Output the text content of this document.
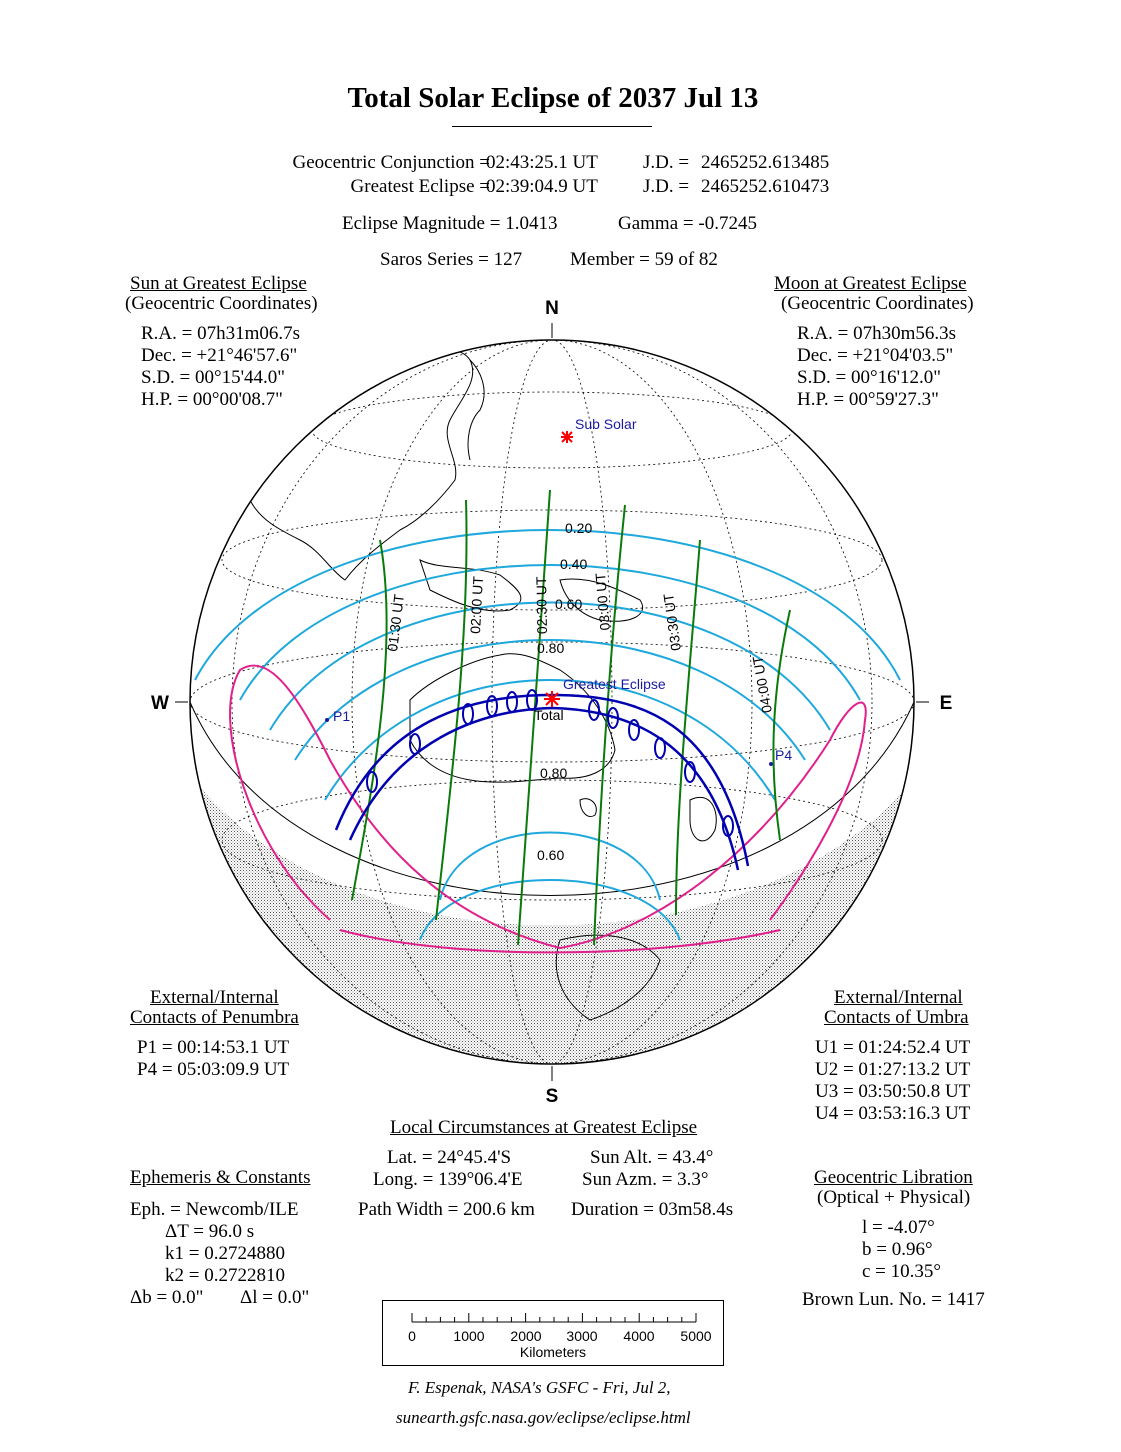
Total Solar Eclipse of 2037 Jul 13
Geocentric Conjunction =
02:43:25.1 UT J.D. = 2465252.613485
Greatest Eclipse =
02:39:04.9 UT J.D. = 2465252.610473
Eclipse Magnitude = 1.0413	Gamma = -0.7245
Saros Series = 127	Member = 59 of 82
Sun at Greatest Eclipse
(Geocentric Coordinates)
R.A. = 07h31m06.7s
Dec. = +21°46'57.6"
S.D. = 00°15'44.0"
H.P. = 00°00'08.7"
Moon at Greatest Eclipse
(Geocentric Coordinates)
R.A. = 07h30m56.3s
Dec. = +21°04'03.5"
S.D. = 00°16'12.0"
H.P. = 00°59'27.3"
N
S
W	E
Sub Solar
Greatest Eclipse
Total
P1
P4
0.20
0.40
0.60
0.80
0.80
0.60
01:30 UT	02:00 UT	02:30 UT	03:00 UT	03:30 UT
04:00 UT
External/Internal
Contacts of Penumbra
P1 = 00:14:53.1 UT
P4 = 05:03:09.9 UT
External/Internal
Contacts of Umbra
U1 = 01:24:52.4 UT
U2 = 01:27:13.2 UT
U3 = 03:50:50.8 UT
U4 = 03:53:16.3 UT
Local Circumstances at Greatest Eclipse
Lat. = 24°45.4'S
Long. = 139°06.4'E
Sun Alt. = 43.4°
Sun Azm. = 3.3°
Path Width = 200.6 km Duration = 03m58.4s
Ephemeris & Constants
Eph. = Newcomb/ILE
ΔT = 96.0 s
k1 = 0.2724880
k2 = 0.2722810
Δb = 0.0" Δl = 0.0"
Geocentric Libration
(Optical + Physical)
l = -4.07°
b = 0.96°
c = 10.35°
Brown Lun. No. = 1417
0	1000 2000 3000 4000 5000
Kilometers
F. Espenak, NASA's GSFC - Fri, Jul 2,
sunearth.gsfc.nasa.gov/eclipse/eclipse.html
